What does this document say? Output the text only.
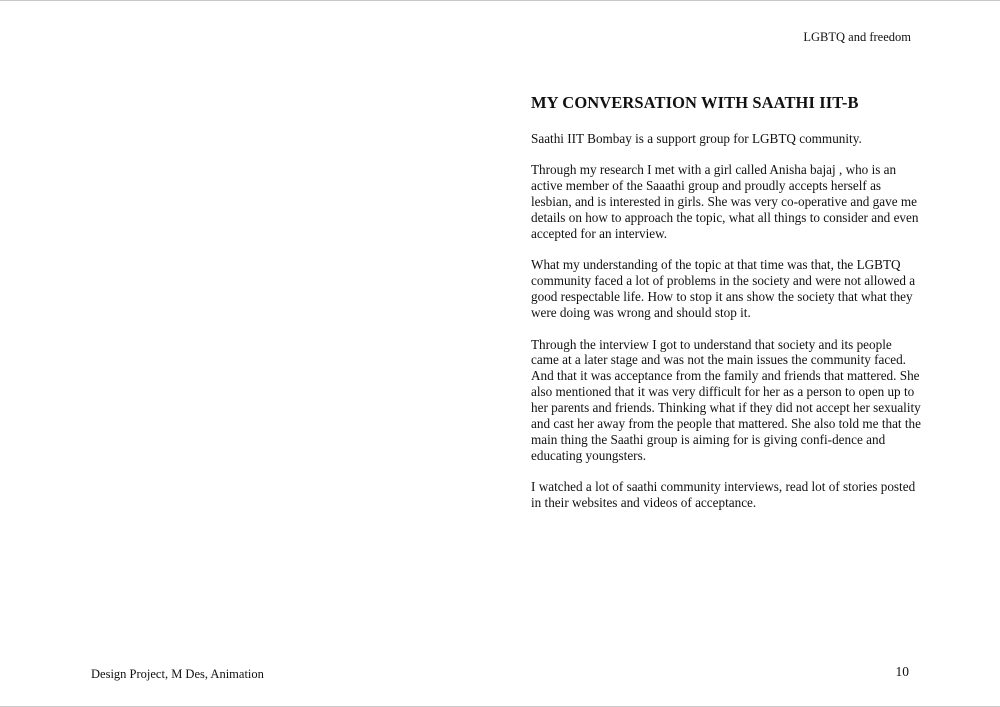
LGBTQ and freedom
MY CONVERSATION WITH SAATHI IIT-B

Saathi IIT Bombay is a support group for LGBTQ community.

Through my research I met with a girl called Anisha bajaj , who is an active member of the Saaathi group and proudly accepts herself as lesbian, and is interested in girls. She was very co-operative and gave me details on how to approach the topic, what all things to consider and even accepted for an interview.

What my understanding of the topic at that time was that, the LGBTQ community faced a lot of problems in the society and were not allowed a good respectable life. How to stop it ans show the society that what they were doing was wrong and should stop it.

Through the interview I got to understand that society and its people came at a later stage and was not the main issues the community faced. And that it was acceptance from the family and friends that mattered. She also mentioned that it was very difficult for her as a person to open up to her parents and friends. Thinking what if they did not accept her sexuality and cast her away from the people that mattered. She also told me that the main thing the Saathi group is aiming for is giving confi-dence and educating youngsters.

I watched a lot of saathi community interviews, read lot of stories posted in their websites and videos of acceptance.

Design Project, M Des, Animation	10
